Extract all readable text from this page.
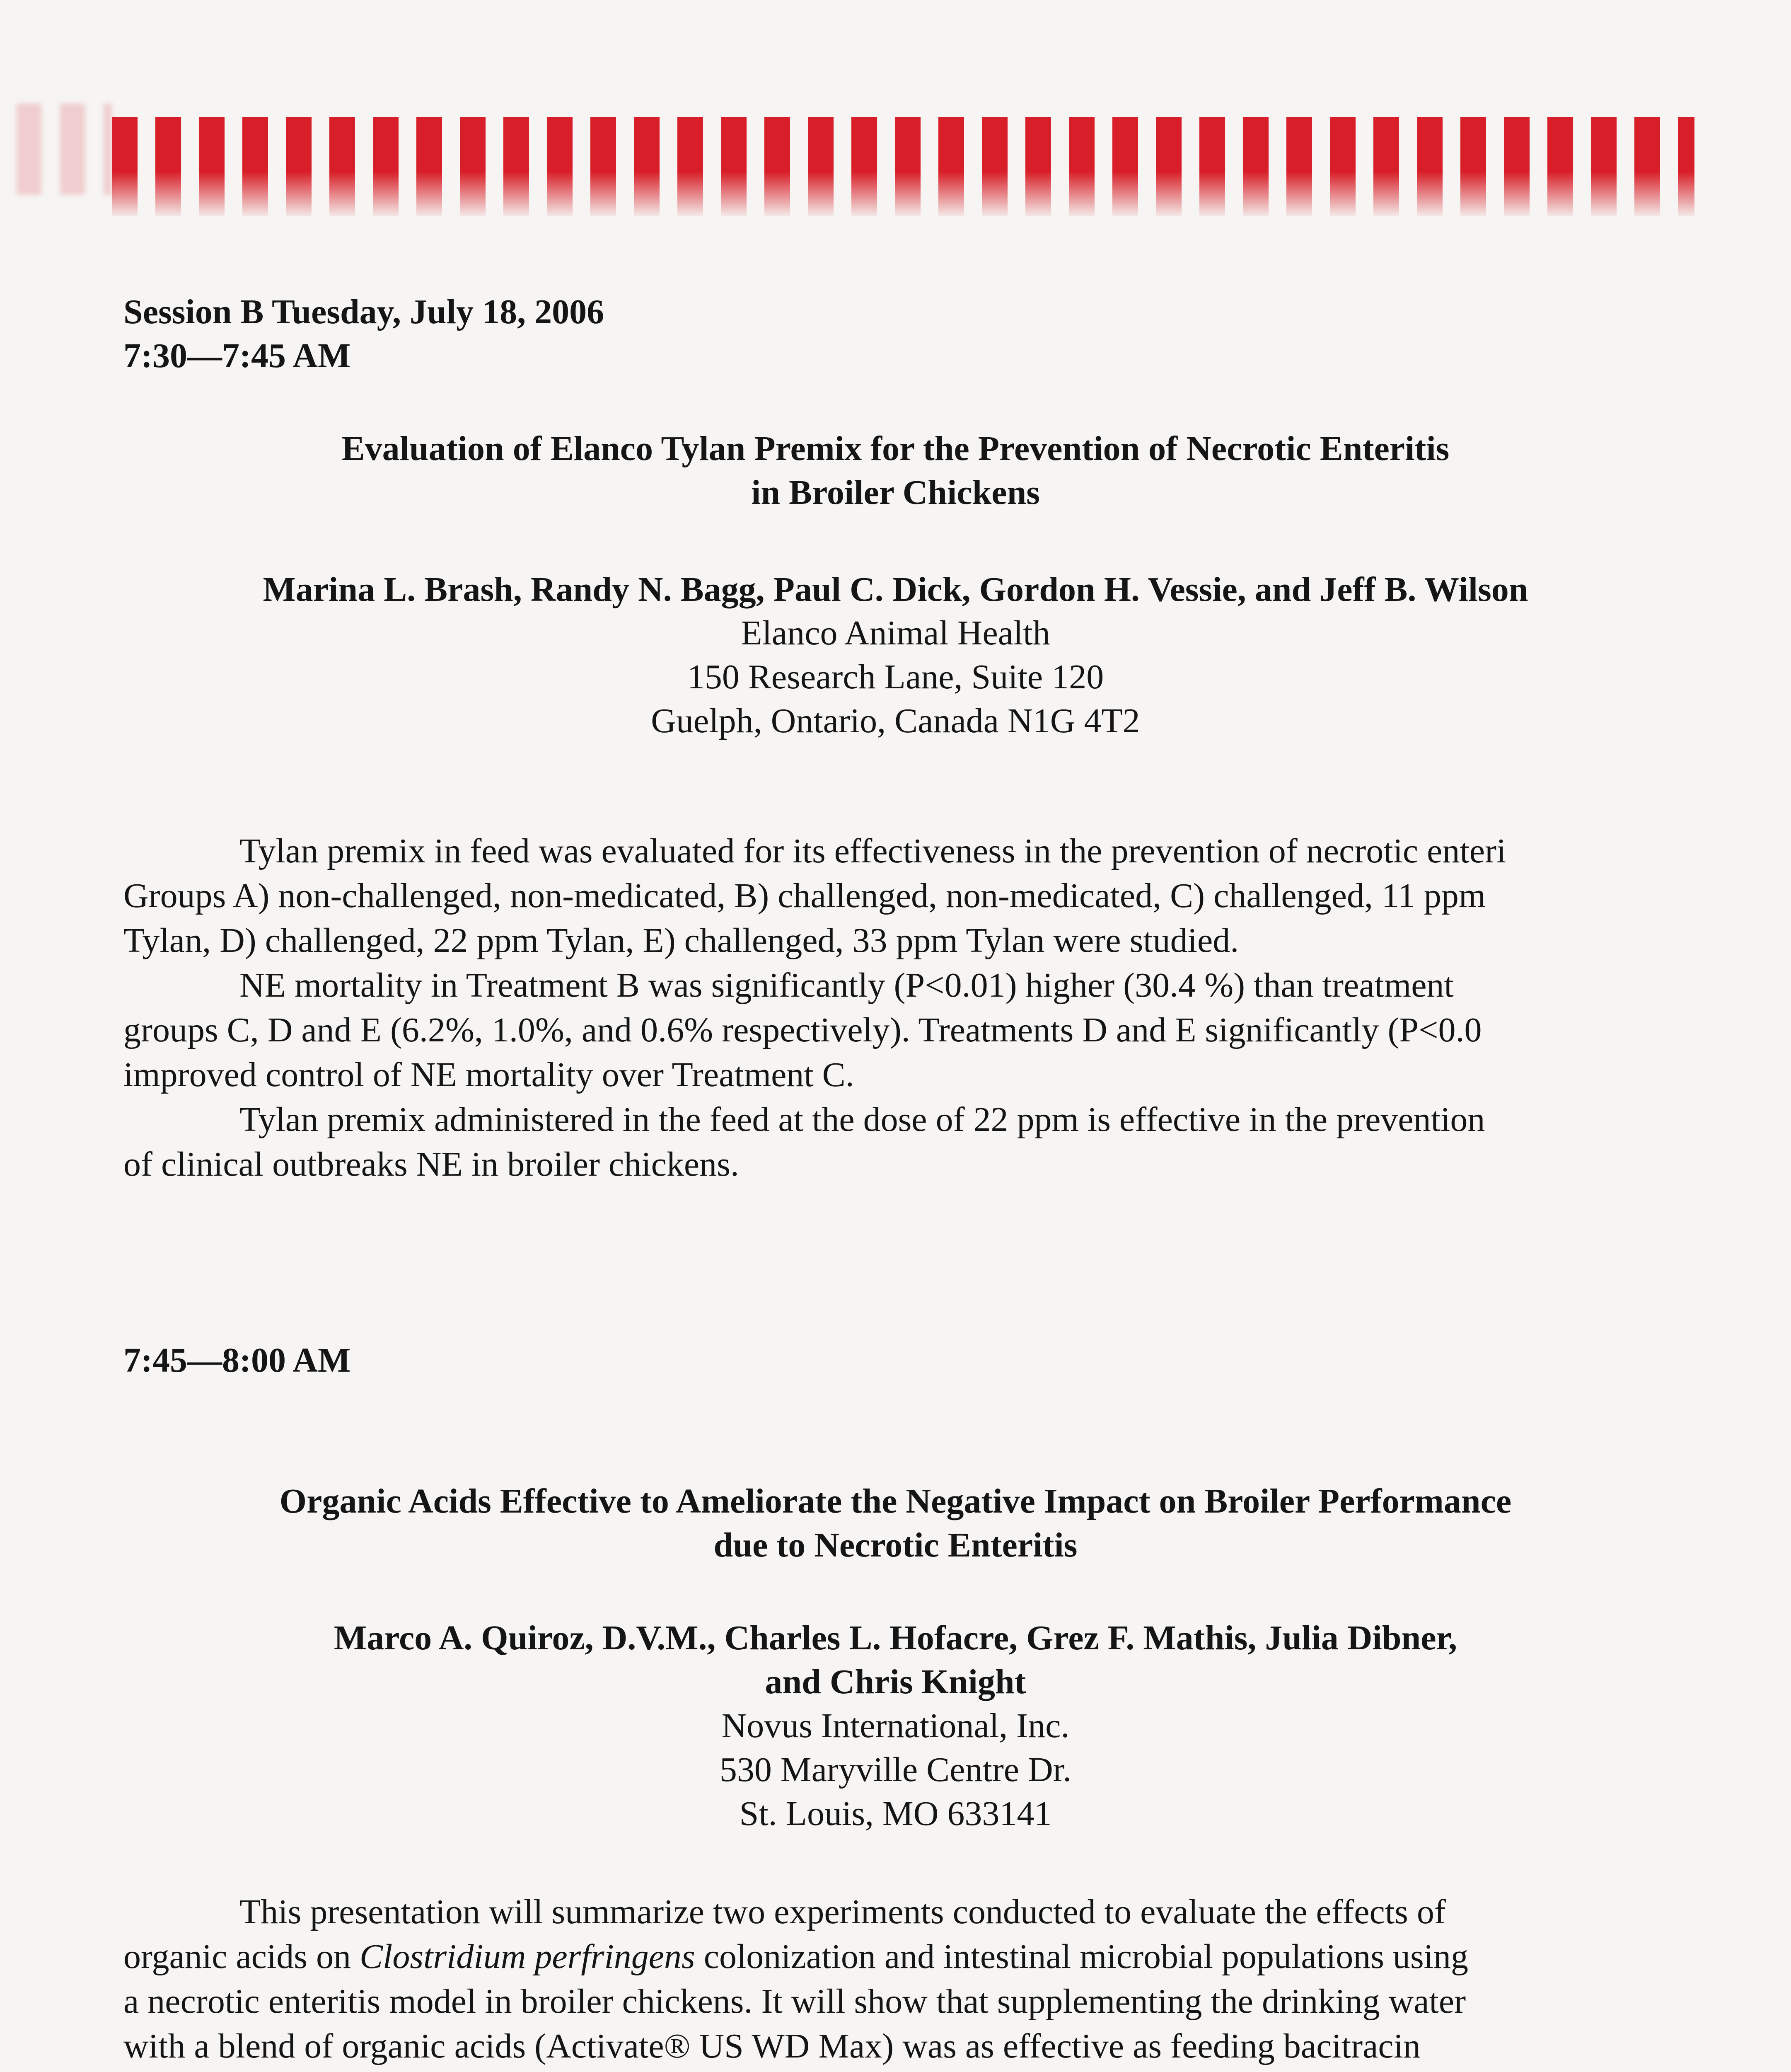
Session B Tuesday, July 18, 2006
7:30—7:45 AM
Evaluation of Elanco Tylan Premix for the Prevention of Necrotic Enteritis
in Broiler Chickens
Marina L. Brash, Randy N. Bagg, Paul C. Dick, Gordon H. Vessie, and Jeff B. Wilson
Elanco Animal Health
150 Research Lane, Suite 120
Guelph, Ontario, Canada N1G 4T2

Tylan premix in feed was evaluated for its effectiveness in the prevention of necrotic enteri

Groups A) non-challenged, non-medicated, B) challenged, non-medicated, C) challenged, 11 ppm

Tylan, D) challenged, 22 ppm Tylan, E) challenged, 33 ppm Tylan were studied.

NE mortality in Treatment B was significantly (P<0.01) higher (30.4 %) than treatment

groups C, D and E (6.2%, 1.0%, and 0.6% respectively). Treatments D and E significantly (P<0.0

improved control of NE mortality over Treatment C.

Tylan premix administered in the feed at the dose of 22 ppm is effective in the prevention

of clinical outbreaks NE in broiler chickens.

7:45—8:00 AM
Organic Acids Effective to Ameliorate the Negative Impact on Broiler Performance
due to Necrotic Enteritis
Marco A. Quiroz, D.V.M., Charles L. Hofacre, Grez F. Mathis, Julia Dibner,
and Chris Knight
Novus International, Inc.
530 Maryville Centre Dr.
St. Louis, MO 633141

This presentation will summarize two experiments conducted to evaluate the effects of

organic acids on Clostridium perfringens colonization and intestinal microbial populations using

a necrotic enteritis model in broiler chickens. It will show that supplementing the drinking water

with a blend of organic acids (Activate® US WD Max) was as effective as feeding bacitracin
